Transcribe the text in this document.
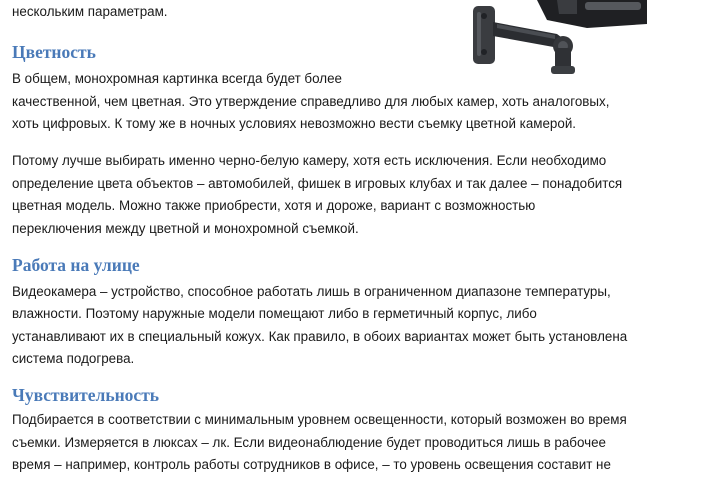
нескольким параметрам.
Цветность
В общем, монохромная картинка всегда будет более
качественной, чем цветная. Это утверждение справедливо для любых камер, хоть аналоговых,
хоть цифровых. К тому же в ночных условиях невозможно вести съемку цветной камерой.
Потому лучше выбирать именно черно-белую камеру, хотя есть исключения. Если необходимо
определение цвета объектов – автомобилей, фишек в игровых клубах и так далее – понадобится
цветная модель. Можно также приобрести, хотя и дороже, вариант с возможностью
переключения между цветной и монохромной съемкой.
Работа на улице
Видеокамера – устройство, способное работать лишь в ограниченном диапазоне температуры,
влажности. Поэтому наружные модели помещают либо в герметичный корпус, либо
устанавливают их в специальный кожух. Как правило, в обоих вариантах может быть установлена
система подогрева.
Чувствительность
Подбирается в соответствии с минимальным уровнем освещенности, который возможен во время
съемки. Измеряется в люксах – лк. Если видеонаблюдение будет проводиться лишь в рабочее
время – например, контроль работы сотрудников в офисе, – то уровень освещения составит не
